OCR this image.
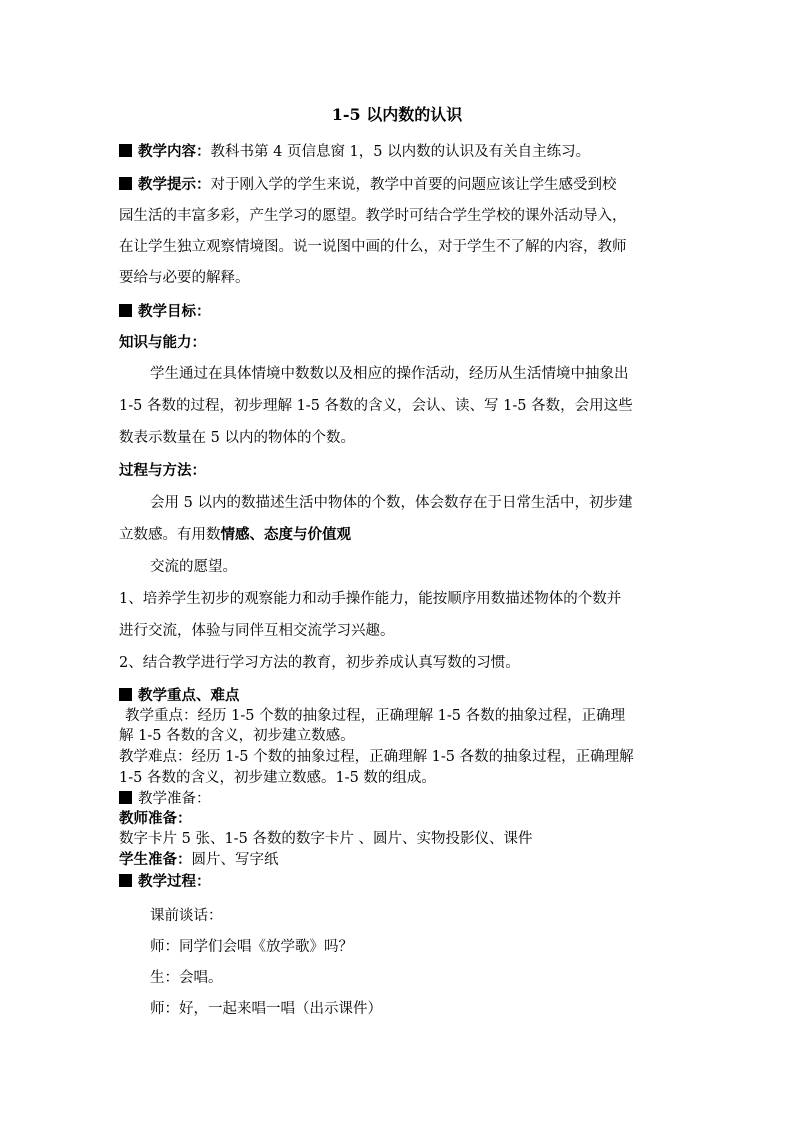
1-5 以内数的认识
教学内容：教科书第 4 页信息窗 1，5 以内数的认识及有关自主练习。
教学提示：对于刚入学的学生来说，教学中首要的问题应该让学生感受到校
园生活的丰富多彩，产生学习的愿望。教学时可结合学生学校的课外活动导入，
在让学生独立观察情境图。说一说图中画的什么，对于学生不了解的内容，教师
要给与必要的解释。
教学目标：
知识与能力：
学生通过在具体情境中数数以及相应的操作活动，经历从生活情境中抽象出
1-5 各数的过程，初步理解 1-5 各数的含义，会认、读、写 1-5 各数，会用这些
数表示数量在 5 以内的物体的个数。
过程与方法：
会用 5 以内的数描述生活中物体的个数，体会数存在于日常生活中，初步建
立数感。有用数情感、态度与价值观
交流的愿望。
1、培养学生初步的观察能力和动手操作能力，能按顺序用数描述物体的个数并
进行交流，体验与同伴互相交流学习兴趣。
2、结合教学进行学习方法的教育，初步养成认真写数的习惯。
教学重点、难点
教学重点：经历 1-5 个数的抽象过程，正确理解 1-5 各数的抽象过程，正确理
解 1-5 各数的含义，初步建立数感。
教学难点：经历 1-5 个数的抽象过程，正确理解 1-5 各数的抽象过程，正确理解
1-5 各数的含义，初步建立数感。1-5 数的组成。
教学准备：
教师准备：
数字卡片 5 张、1-5 各数的数字卡片 、圆片、实物投影仪、课件
学生准备：圆片、写字纸
教学过程：
课前谈话：
师：同学们会唱《放学歌》吗？
生：会唱。
师：好，一起来唱一唱（出示课件）
